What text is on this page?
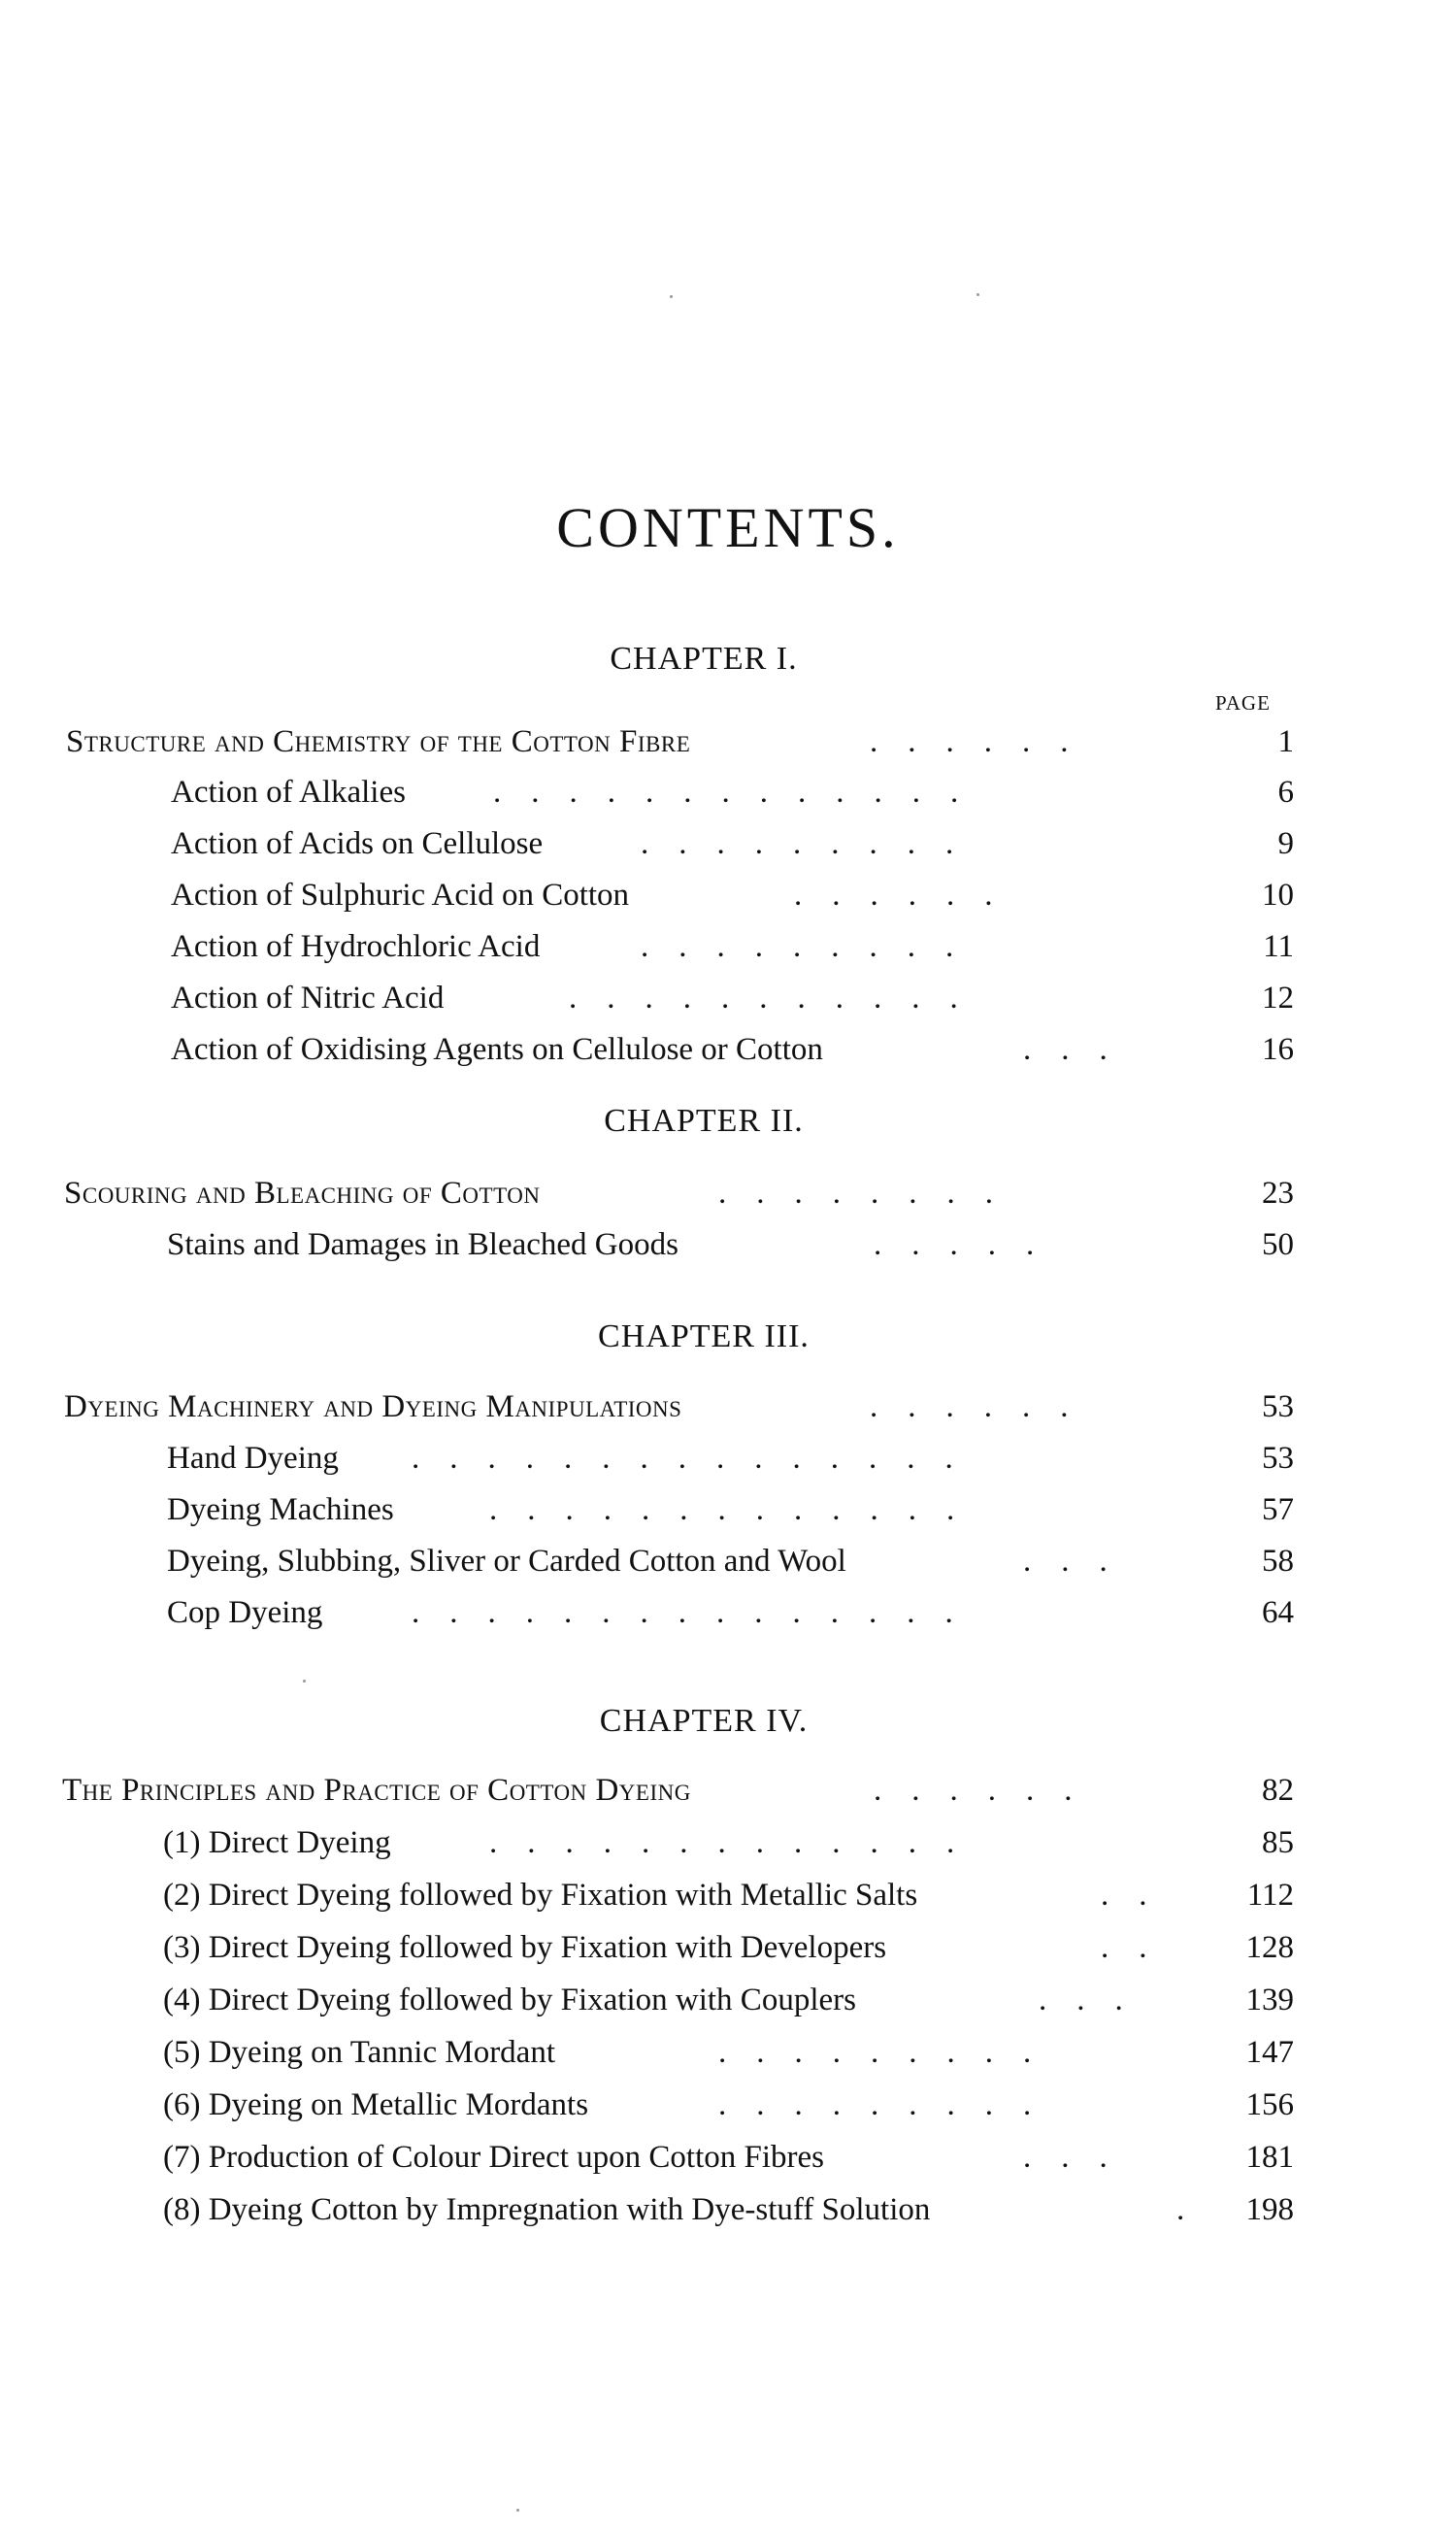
CONTENTS.
CHAPTER I.
PAGE
Structure and Chemistry of the Cotton Fibre	......	1
Action of Alkalies	.............	6
Action of Acids on Cellulose	.........	9
Action of Sulphuric Acid on Cotton	......	10
Action of Hydrochloric Acid	.........	11
Action of Nitric Acid	...........	12
Action of Oxidising Agents on Cellulose or Cotton	...	16
CHAPTER II.
Scouring and Bleaching of Cotton	........	23
Stains and Damages in Bleached Goods	.....	50
CHAPTER III.
Dyeing Machinery and Dyeing Manipulations	......	53
Hand Dyeing ...............	53
Dyeing Machines	.............	57
Dyeing, Slubbing, Sliver or Carded Cotton and Wool	...	58
Cop Dyeing	...............	64
CHAPTER IV.
The Principles and Practice of Cotton Dyeing	......	82
(1) Direct Dyeing	.............	85
(2) Direct Dyeing followed by Fixation with Metallic Salts	.. 112
(3) Direct Dyeing followed by Fixation with Developers	.. 128
(4) Direct Dyeing followed by Fixation with Couplers	...	139
(5) Dyeing on Tannic Mordant	.........	147
(6) Dyeing on Metallic Mordants	.........	156
(7) Production of Colour Direct upon Cotton Fibres	...	181
(8) Dyeing Cotton by Impregnation with Dye-stuff Solution	. 198
